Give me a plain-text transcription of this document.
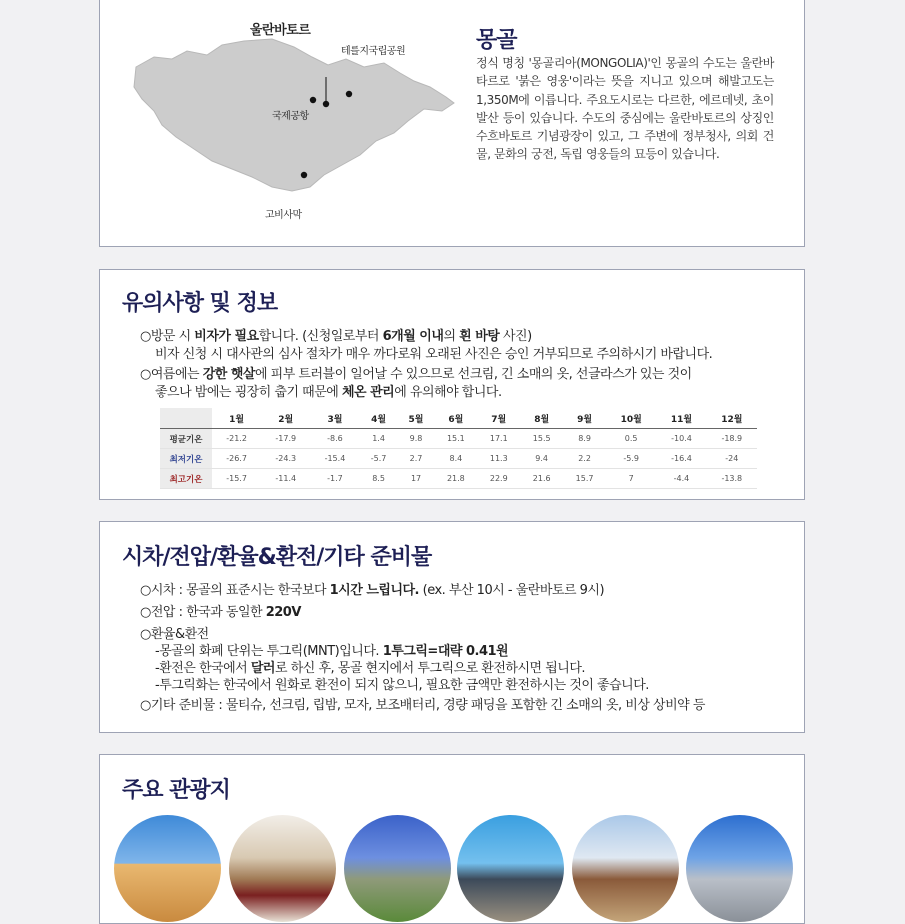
울란바토르
테를지국립공원
국제공항
고비사막
몽골

정식 명칭 '몽골리아(MONGOLIA)'인 몽골의 수도는 울란바타르로 '붉은 영웅'이라는 뜻을 지니고 있으며 해발고도는 1,350M에 이릅니다. 주요도시로는 다르한, 에르데넷, 초이발산 등이 있습니다. 수도의 중심에는 울란바토르의 상징인 수흐바토르 기념광장이 있고, 그 주변에 정부청사, 의회 건물, 문화의 궁전, 독립 영웅들의 묘등이 있습니다.

유의사항 및 정보
○방문 시 비자가 필요합니다. (신청일로부터 6개월 이내의 흰 바탕 사진)
비자 신청 시 대사관의 심사 절차가 매우 까다로워 오래된 사진은 승인 거부되므로 주의하시기 바랍니다.
○여름에는 강한 햇살에 피부 트러블이 일어날 수 있으므로 선크림, 긴 소매의 옷, 선글라스가 있는 것이
좋으나 밤에는 굉장히 춥기 때문에 체온 관리에 유의해야 합니다.
	1월	2월	3월	4월	5월	6월	7월	8월	9월	10월	11월	12월
평균기온	-21.2	-17.9	-8.6	1.4	9.8	15.1	17.1	15.5	8.9	0.5	-10.4	-18.9
최저기온	-26.7	-24.3	-15.4	-5.7	2.7	8.4	11.3	9.4	2.2	-5.9	-16.4	-24
최고기온	-15.7	-11.4	-1.7	8.5	17	21.8	22.9	21.6	15.7	7	-4.4	-13.8
시차/전압/환율&환전/기타 준비물
○시차 : 몽골의 표준시는 한국보다 1시간 느립니다. (ex. 부산 10시 - 울란바토르 9시)
○전압 : 한국과 동일한 220V
○환율&환전
-몽골의 화폐 단위는 투그릭(MNT)입니다. 1투그릭=대략 0.41원
-환전은 한국에서 달러로 하신 후, 몽골 현지에서 투그릭으로 환전하시면 됩니다.
-투그릭화는 한국에서 원화로 환전이 되지 않으니, 필요한 금액만 환전하시는 것이 좋습니다.
○기타 준비물 : 물티슈, 선크림, 립밤, 모자, 보조배터리, 경량 패딩을 포함한 긴 소매의 옷, 비상 상비약 등
주요 관광지
